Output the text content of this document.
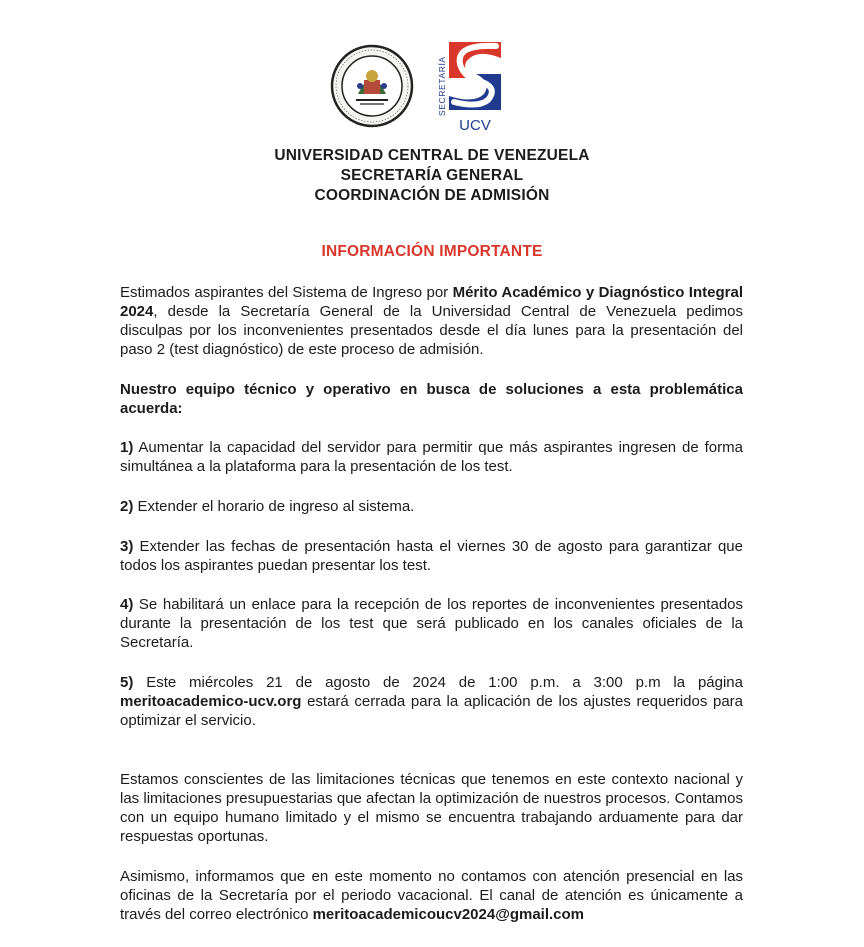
SECRETARÍA
UCV
UNIVERSIDAD CENTRAL DE VENEZUELA
SECRETARÍA GENERAL
COORDINACIÓN DE ADMISIÓN
INFORMACIÓN IMPORTANTE

Estimados aspirantes del Sistema de Ingreso por Mérito Académico y Diagnóstico Integral 2024, desde la Secretaría General de la Universidad Central de Venezuela pedimos disculpas por los inconvenientes presentados desde el día lunes para la presentación del paso 2 (test diagnóstico) de este proceso de admisión.

Nuestro equipo técnico y operativo en busca de soluciones a esta problemática acuerda:

1) Aumentar la capacidad del servidor para permitir que más aspirantes ingresen de forma simultánea a la plataforma para la presentación de los test.

2) Extender el horario de ingreso al sistema.

3) Extender las fechas de presentación hasta el viernes 30 de agosto para garantizar que todos los aspirantes puedan presentar los test.

4) Se habilitará un enlace para la recepción de los reportes de inconvenientes presentados durante la presentación de los test que será publicado en los canales oficiales de la Secretaría.

5) Este miércoles 21 de agosto de 2024 de 1:00 p.m. a 3:00 p.m la página meritoacademico-ucv.org estará cerrada para la aplicación de los ajustes requeridos para optimizar el servicio.

Estamos conscientes de las limitaciones técnicas que tenemos en este contexto nacional y las limitaciones presupuestarias que afectan la optimización de nuestros procesos. Contamos con un equipo humano limitado y el mismo se encuentra trabajando arduamente para dar respuestas oportunas.

Asimismo, informamos que en este momento no contamos con atención presencial en las oficinas de la Secretaría por el periodo vacacional. El canal de atención es únicamente a través del correo electrónico meritoacademicoucv2024@gmail.com
